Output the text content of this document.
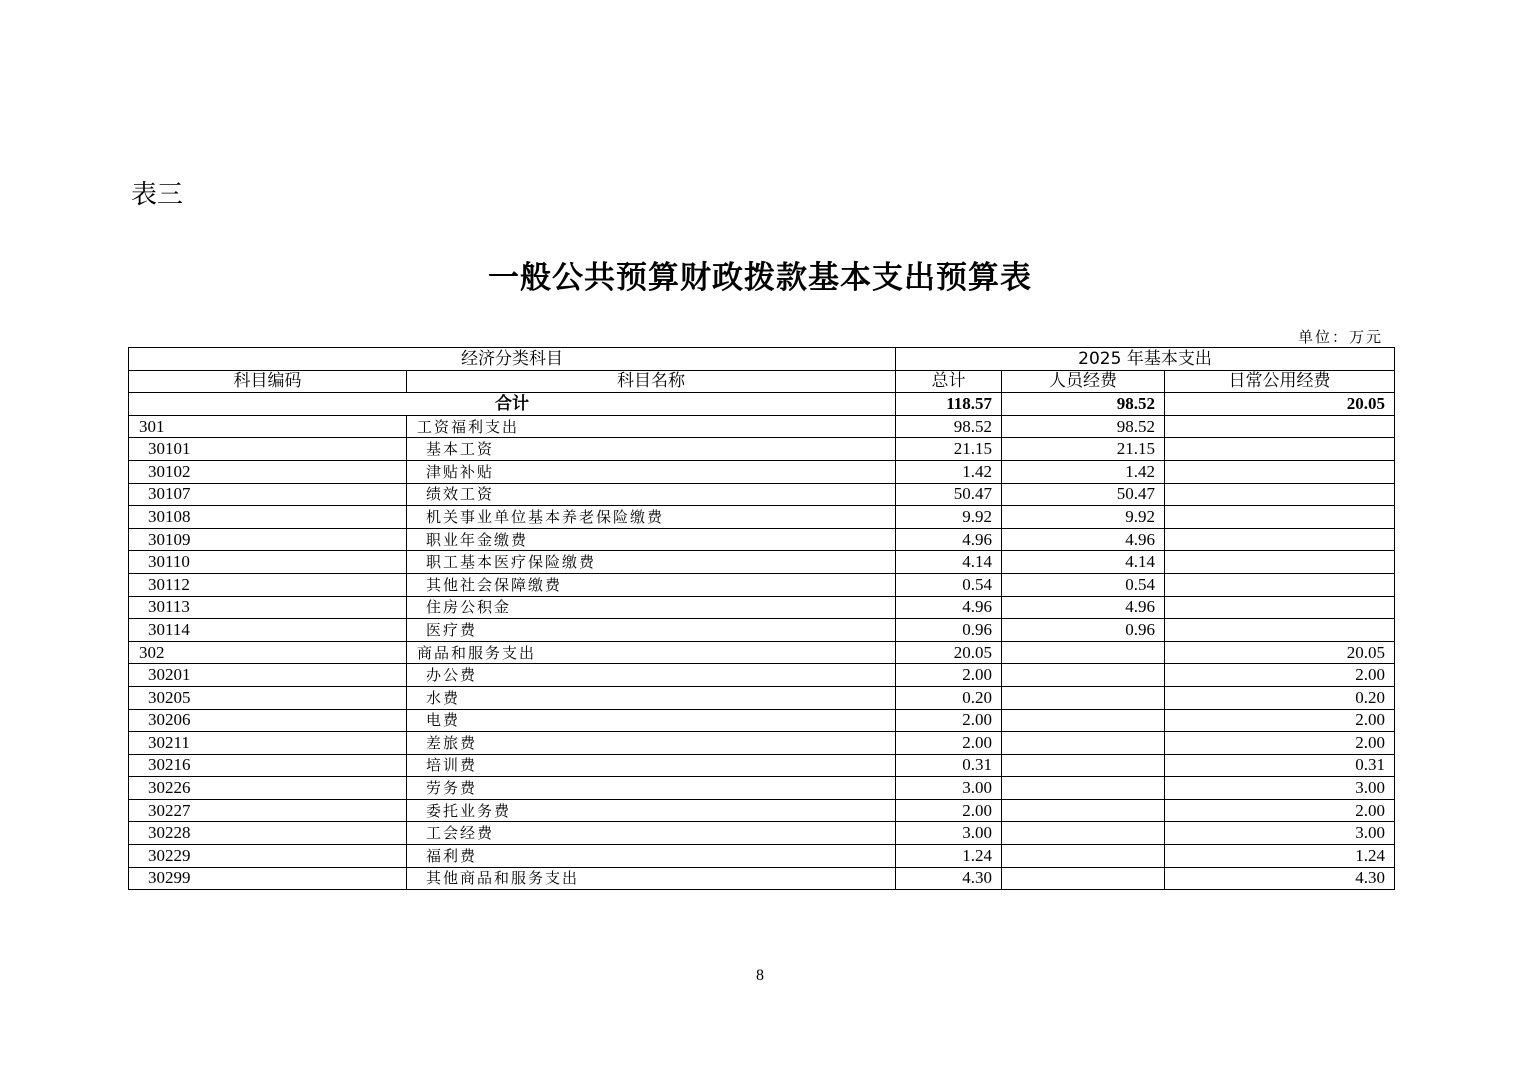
表三
一般公共预算财政拨款基本支出预算表
单位：万元
经济分类科目		2025 年基本支出		
科目编码	科目名称	总计	人员经费	日常公用经费
合计		118.57	98.52	20.05
301	工资福利支出	98.52	98.52	
30101	基本工资	21.15	21.15	
30102	津贴补贴	1.42	1.42	
30107	绩效工资	50.47	50.47	
30108	机关事业单位基本养老保险缴费	9.92	9.92	
30109	职业年金缴费	4.96	4.96	
30110	职工基本医疗保险缴费	4.14	4.14	
30112	其他社会保障缴费	0.54	0.54	
30113	住房公积金	4.96	4.96	
30114	医疗费	0.96	0.96	
302	商品和服务支出	20.05		20.05
30201	办公费	2.00		2.00
30205	水费	0.20		0.20
30206	电费	2.00		2.00
30211	差旅费	2.00		2.00
30216	培训费	0.31		0.31
30226	劳务费	3.00		3.00
30227	委托业务费	2.00		2.00
30228	工会经费	3.00		3.00
30229	福利费	1.24		1.24
30299	其他商品和服务支出	4.30		4.30
8
